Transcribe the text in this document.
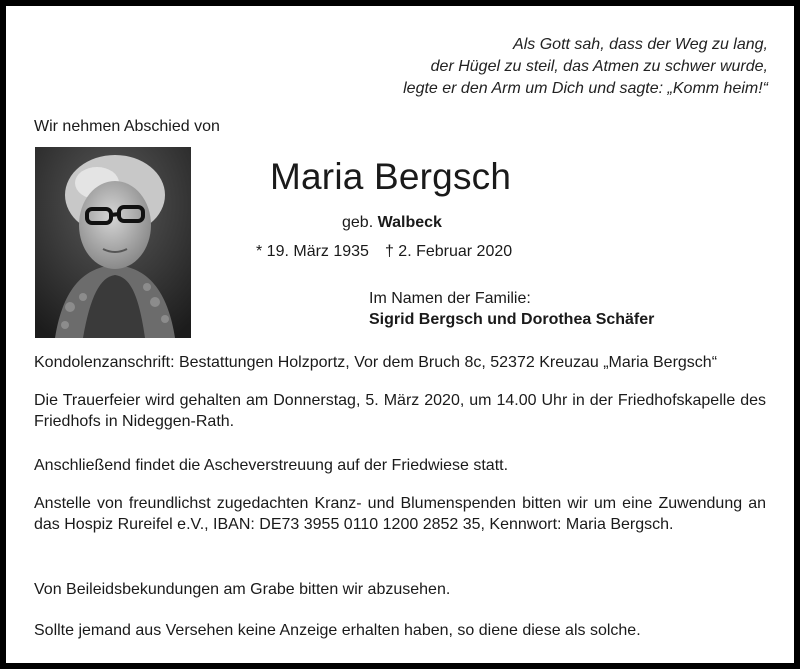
Als Gott sah, dass der Weg zu lang,
der Hügel zu steil, das Atmen zu schwer wurde,
legte er den Arm um Dich und sagte: „Komm heim!“
Wir nehmen Abschied von
Maria Bergsch
geb. Walbeck
* 19. März 1935 † 2. Februar 2020
Im Namen der Familie:
Sigrid Bergsch und Dorothea Schäfer
Kondolenzanschrift: Bestattungen Holzportz, Vor dem Bruch 8c, 52372 Kreuzau „Maria Bergsch“
Die Trauerfeier wird gehalten am Donnerstag, 5. März 2020, um 14.00 Uhr in der Friedhofskapelle des Friedhofs in Nideggen-Rath.
Anschließend findet die Ascheverstreuung auf der Friedwiese statt.
Anstelle von freundlichst zugedachten Kranz- und Blumenspenden bitten wir um eine Zuwendung an das Hospiz Rureifel e.V., IBAN: DE73 3955 0110 1200 2852 35, Kennwort: Maria Bergsch.
Von Beileidsbekundungen am Grabe bitten wir abzusehen.
Sollte jemand aus Versehen keine Anzeige erhalten haben, so diene diese als solche.
